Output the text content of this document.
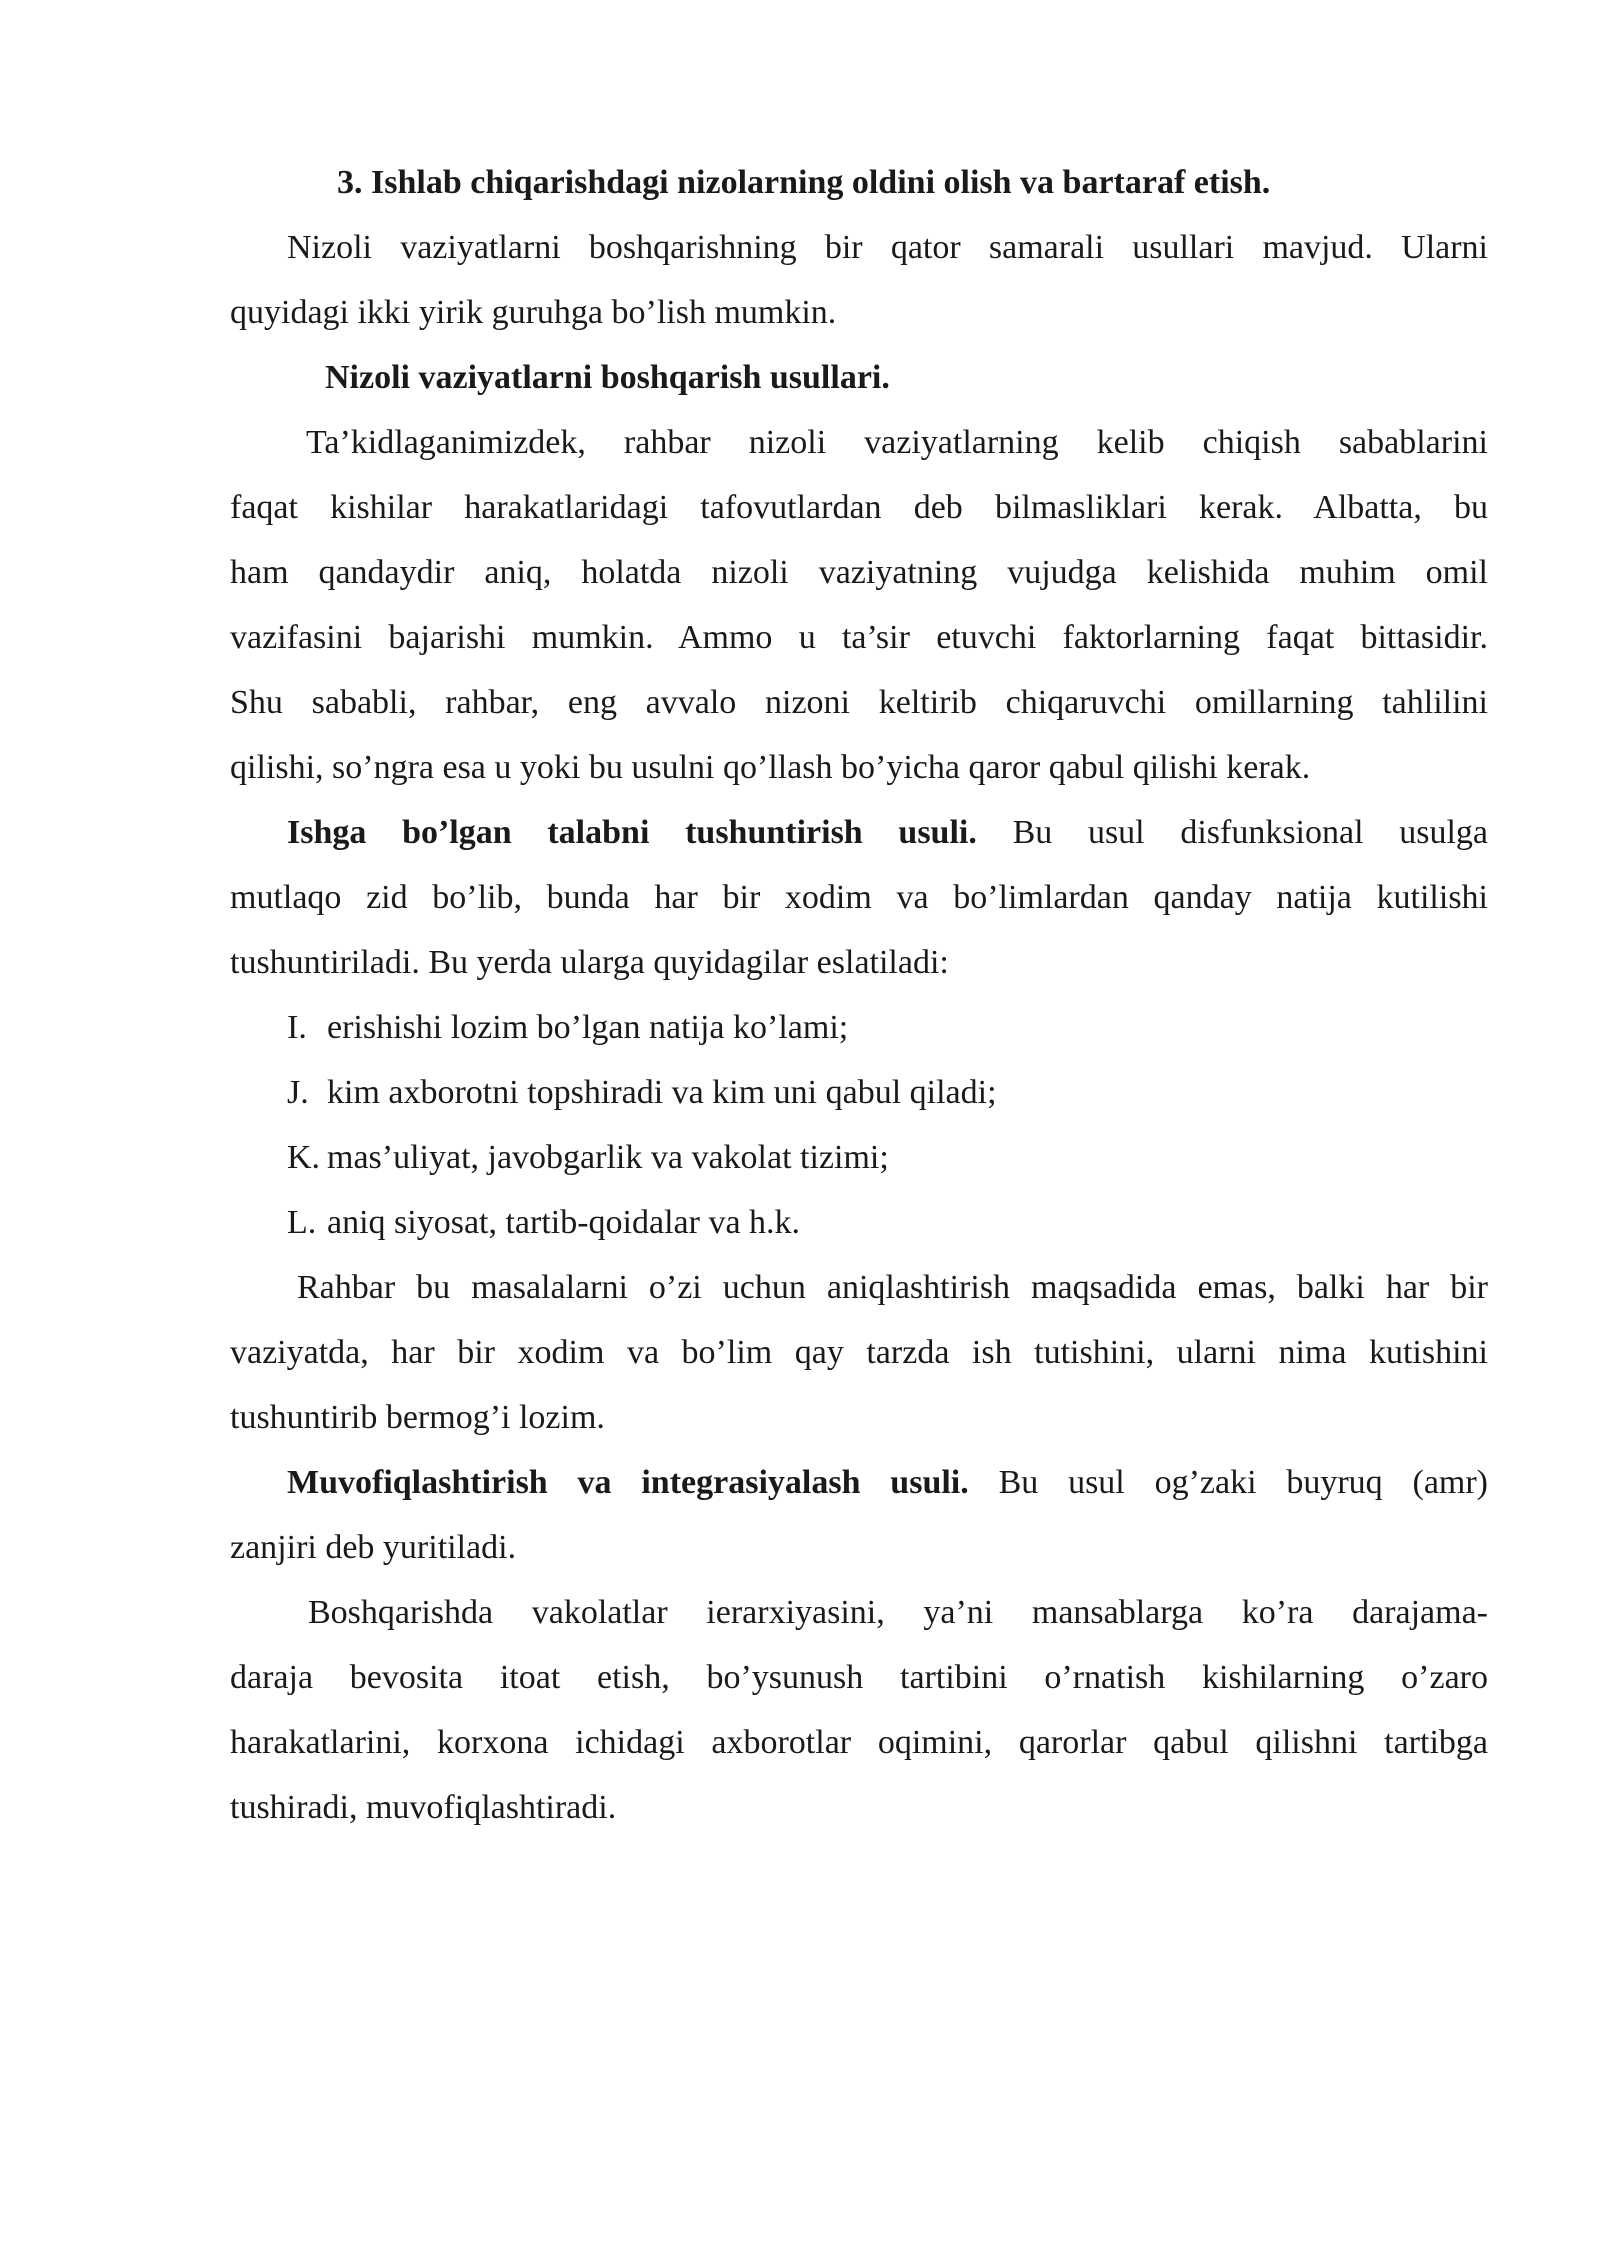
3. Ishlab chiqarishdagi nizolarning oldini olish va bartaraf etish.
Nizoli vaziyatlarni boshqarishning bir qator samarali usullari mavjud. Ularni
quyidagi ikki yirik guruhga bo’lish mumkin.
Nizoli vaziyatlarni boshqarish usullari.
Ta’kidlaganimizdek, rahbar nizoli vaziyatlarning kelib chiqish sabablarini
faqat kishilar harakatlaridagi tafovutlardan deb bilmasliklari kerak. Albatta, bu
ham qandaydir aniq, holatda nizoli vaziyatning vujudga kelishida muhim omil
vazifasini bajarishi mumkin. Ammo u ta’sir etuvchi faktorlarning faqat bittasidir.
Shu sababli, rahbar, eng avvalo nizoni keltirib chiqaruvchi omillarning tahlilini
qilishi, so’ngra esa u yoki bu usulni qo’llash bo’yicha qaror qabul qilishi kerak.
Ishga bo’lgan talabni tushuntirish usuli. Bu usul disfunksional usulga
mutlaqo zid bo’lib, bunda har bir xodim va bo’limlardan qanday natija kutilishi
tushuntiriladi. Bu yerda ularga quyidagilar eslatiladi:
I. erishishi lozim bo’lgan natija ko’lami;
J. kim axborotni topshiradi va kim uni qabul qiladi;
K. mas’uliyat, javobgarlik va vakolat tizimi;
L. aniq siyosat, tartib-qoidalar va h.k.
Rahbar bu masalalarni o’zi uchun aniqlashtirish maqsadida emas, balki har bir
vaziyatda, har bir xodim va bo’lim qay tarzda ish tutishini, ularni nima kutishini
tushuntirib bermog’i lozim.
Muvofiqlashtirish va integrasiyalash usuli. Bu usul og’zaki buyruq (amr)
zanjiri deb yuritiladi.
Boshqarishda vakolatlar ierarxiyasini, ya’ni mansablarga ko’ra darajama-
daraja bevosita itoat etish, bo’ysunush tartibini o’rnatish kishilarning o’zaro
harakatlarini, korxona ichidagi axborotlar oqimini, qarorlar qabul qilishni tartibga
tushiradi, muvofiqlashtiradi.
